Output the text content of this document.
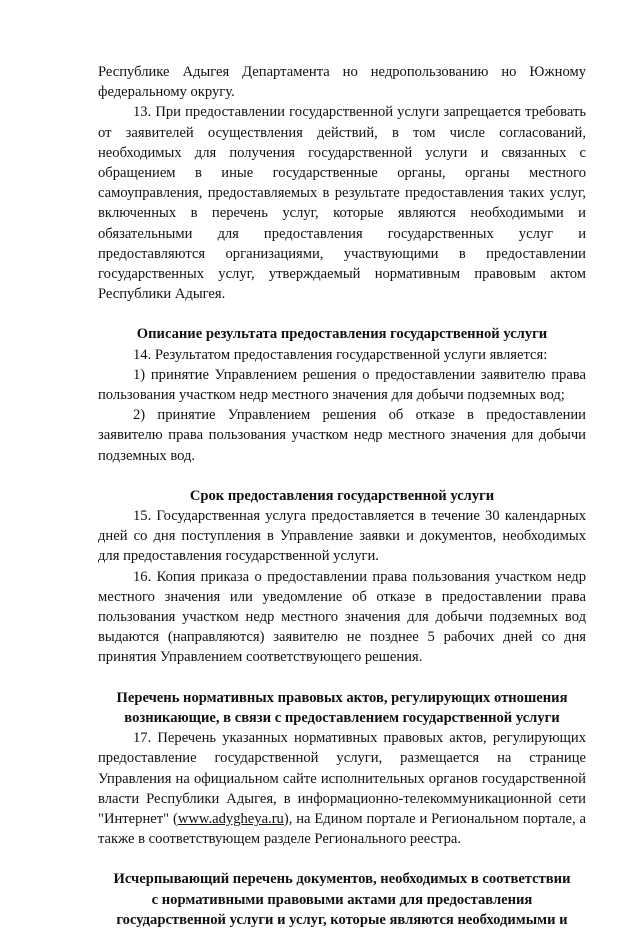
Республике Адыгея Департамента но недропользованию но Южному федеральному округу.

13. При предоставлении государственной услуги запрещается требовать от заявителей осуществления действий, в том числе согласований, необходимых для получения государственной услуги и связанных с обращением в иные государственные органы, органы местного самоуправления, предоставляемых в результате предоставления таких услуг, включенных в перечень услуг, которые являются необходимыми и обязательными для предоставления государственных услуг и предоставляются организациями, участвующими в предоставлении государственных услуг, утверждаемый нормативным правовым актом Республики Адыгея.

Описание результата предоставления государственной услуги

14. Результатом предоставления государственной услуги является:

1) принятие Управлением решения о предоставлении заявителю права пользования участком недр местного значения для добычи подземных вод;

2) принятие Управлением решения об отказе в предоставлении заявителю права пользования участком недр местного значения для добычи подземных вод.

Срок предоставления государственной услуги

15. Государственная услуга предоставляется в течение 30 календарных дней со дня поступления в Управление заявки и документов, необходимых для предоставления государственной услуги.

16. Копия приказа о предоставлении права пользования участком недр местного значения или уведомление об отказе в предоставлении права пользования участком недр местного значения для добычи подземных вод выдаются (направляются) заявителю не позднее 5 рабочих дней со дня принятия Управлением соответствующего решения.

Перечень нормативных правовых актов, регулирующих отношения
возникающие, в связи с предоставлением государственной услуги

17. Перечень указанных нормативных правовых актов, регулирующих предоставление государственной услуги, размещается на странице Управления на официальном сайте исполнительных органов государственной власти Республики Адыгея, в информационно-телекоммуникационной сети "Интернет" (www.adygheya.ru), на Едином портале и Региональном портале, а также в соответствующем разделе Регионального реестра.

Исчерпывающий перечень документов, необходимых в соответствии
с нормативными правовыми актами для предоставления
государственной услуги и услуг, которые являются необходимыми и
